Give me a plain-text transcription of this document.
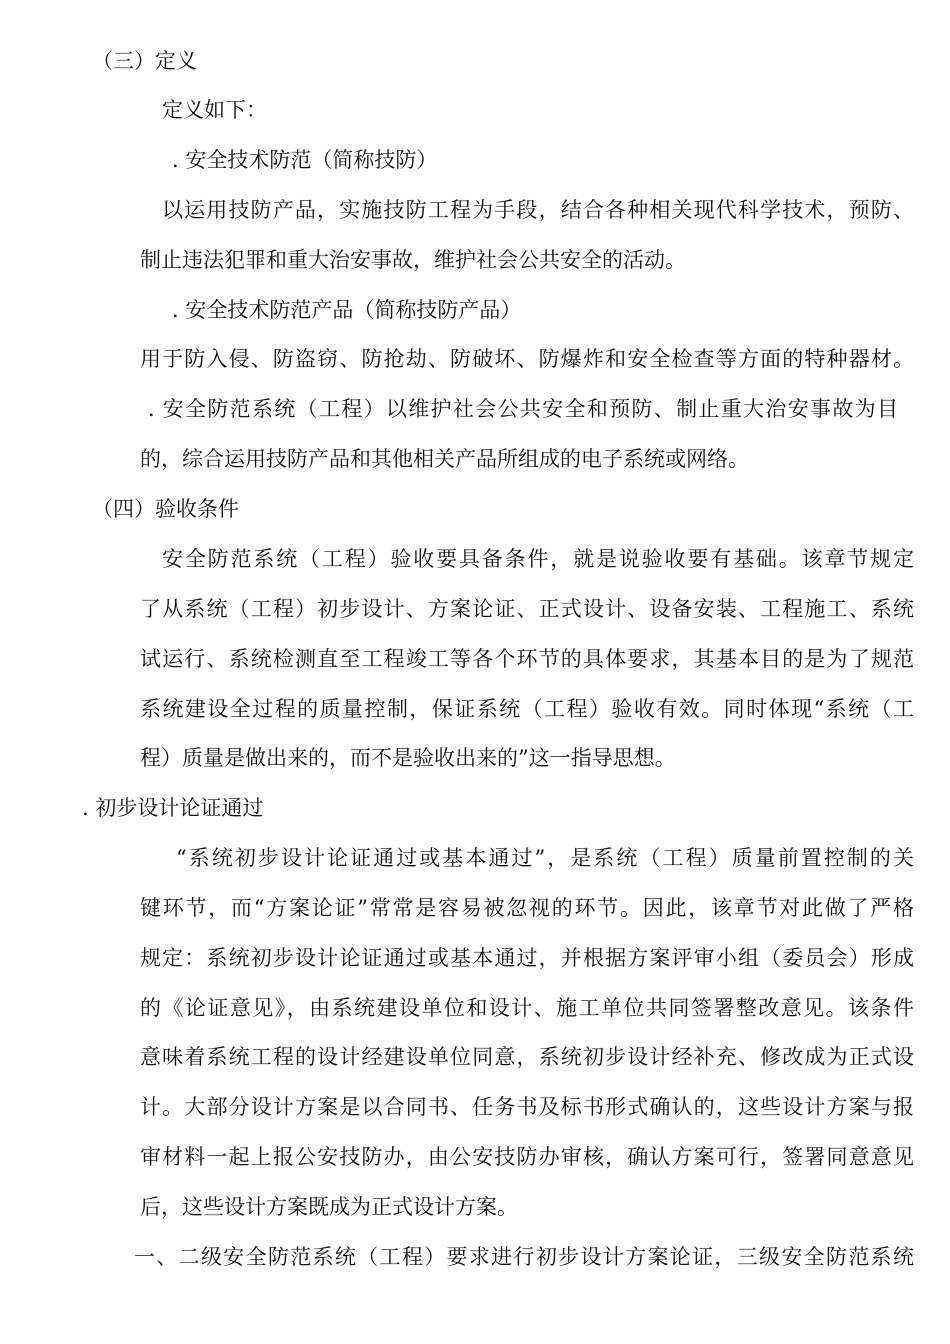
（三）定义
定义如下：
. 安全技术防范（简称技防）
以运用技防产品，实施技防工程为手段，结合各种相关现代科学技术，预防、
制止违法犯罪和重大治安事故，维护社会公共安全的活动。
. 安全技术防范产品（简称技防产品）
用于防入侵、防盗窃、防抢劫、防破坏、防爆炸和安全检查等方面的特种器材。
. 安全防范系统（工程）以维护社会公共安全和预防、制止重大治安事故为目
的，综合运用技防产品和其他相关产品所组成的电子系统或网络。
（四）验收条件
安全防范系统（工程）验收要具备条件，就是说验收要有基础。该章节规定
了从系统（工程）初步设计、方案论证、正式设计、设备安装、工程施工、系统
试运行、系统检测直至工程竣工等各个环节的具体要求，其基本目的是为了规范
系统建设全过程的质量控制，保证系统（工程）验收有效。同时体现“系统（工
程）质量是做出来的，而不是验收出来的”这一指导思想。
. 初步设计论证通过
“系统初步设计论证通过或基本通过”，是系统（工程）质量前置控制的关
键环节，而“方案论证”常常是容易被忽视的环节。因此，该章节对此做了严格
规定：系统初步设计论证通过或基本通过，并根据方案评审小组（委员会）形成
的《论证意见》，由系统建设单位和设计、施工单位共同签署整改意见。该条件
意味着系统工程的设计经建设单位同意，系统初步设计经补充、修改成为正式设
计。大部分设计方案是以合同书、任务书及标书形式确认的，这些设计方案与报
审材料一起上报公安技防办，由公安技防办审核，确认方案可行，签署同意意见
后，这些设计方案既成为正式设计方案。
一、二级安全防范系统（工程）要求进行初步设计方案论证，三级安全防范系统
